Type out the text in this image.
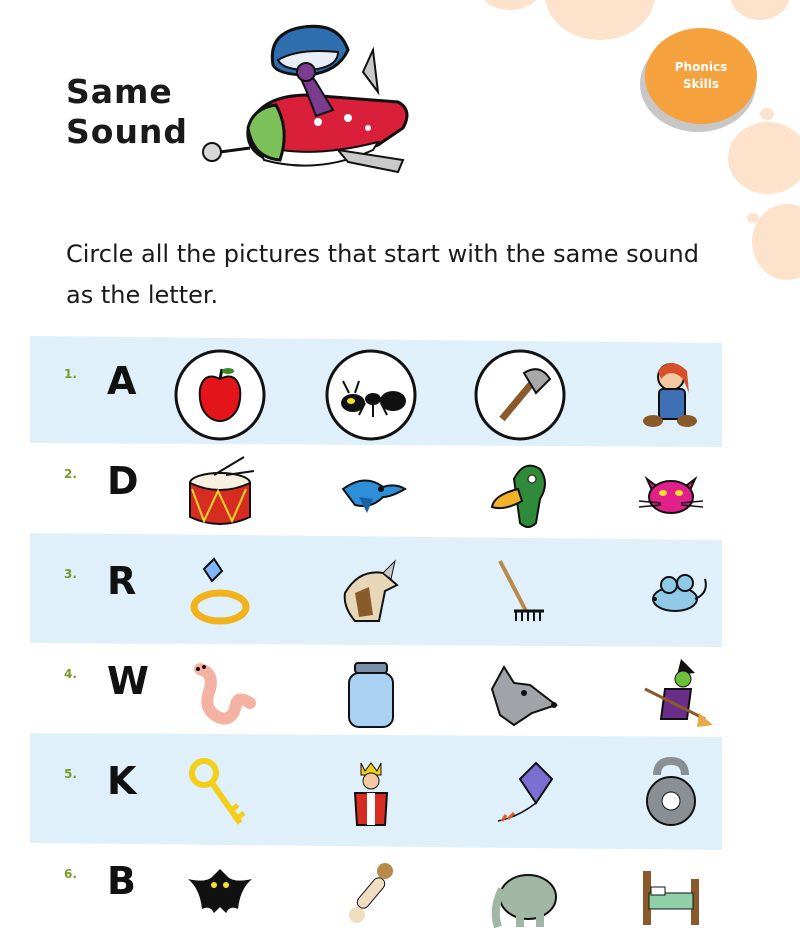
Phonics
Skills
Same
Sound
Circle all the pictures that start with the same sound
as the letter.
1. A
2. D
3. R
4. W
5. K
6. B
